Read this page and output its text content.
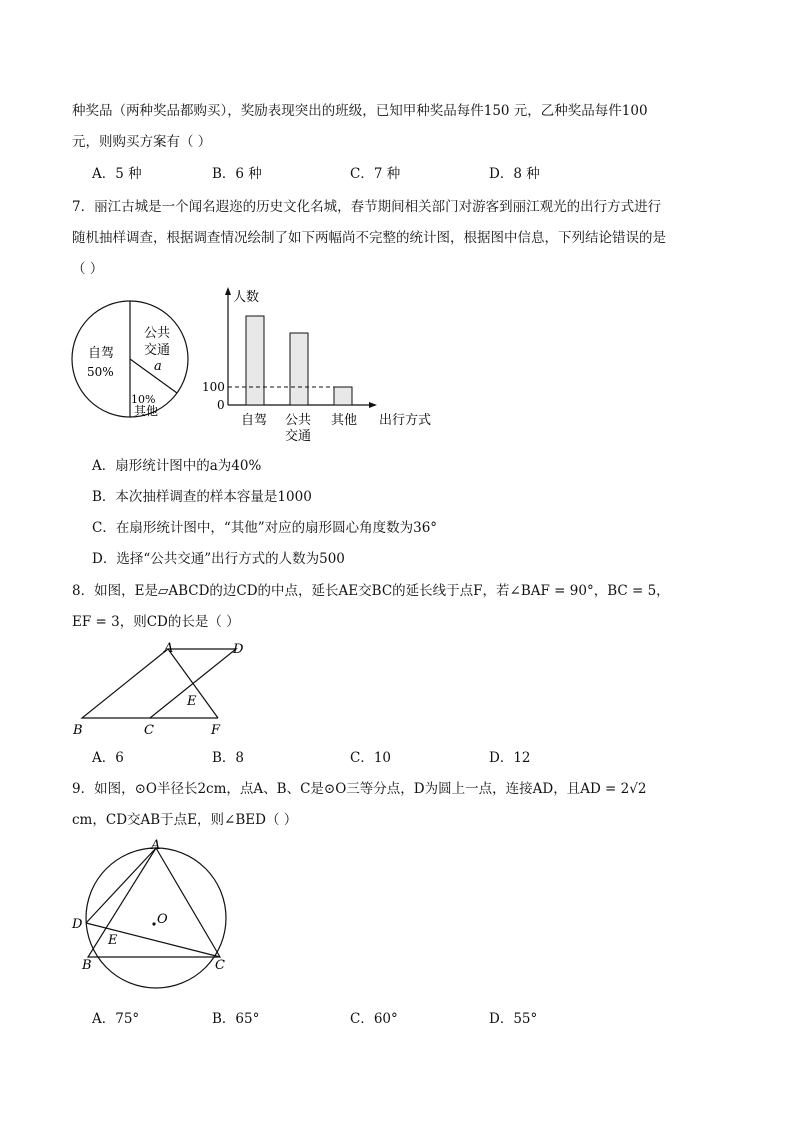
种奖品（两种奖品都购买），奖励表现突出的班级，已知甲种奖品每件150 元，乙种奖品每件100
元，则购买方案有（ ）
A．5 种	B．6 种	C．7 种	D．8 种
7．丽江古城是一个闻名遐迩的历史文化名城，春节期间相关部门对游客到丽江观光的出行方式进行
随机抽样调查，根据调查情况绘制了如下两幅尚不完整的统计图，根据图中信息，下列结论错误的是
（ ）
自驾
50%
公共
交通
a
10%
其他
人数
100
0
自驾 公共
交通
其他 出行方式
A．扇形统计图中的a为40%
B．本次抽样调查的样本容量是1000
C．在扇形统计图中，“其他”对应的扇形圆心角度数为36°
D．选择“公共交通”出行方式的人数为500
8．如图，E是▱ABCD的边CD的中点，延长AE交BC的延长线于点F，若∠BAF = 90°，BC = 5，
EF = 3，则CD的长是（ ）
A	D
E
B	C	F
A．6	B．8	C．10	D．12
9．如图，⊙O半径长2cm，点A、B、C是⊙O三等分点，D为圆上一点，连接AD，且AD = 2√2
cm，CD交AB于点E，则∠BED（ ）
A
D
E
O
B	C
A．75°	B．65°	C．60°	D．55°
